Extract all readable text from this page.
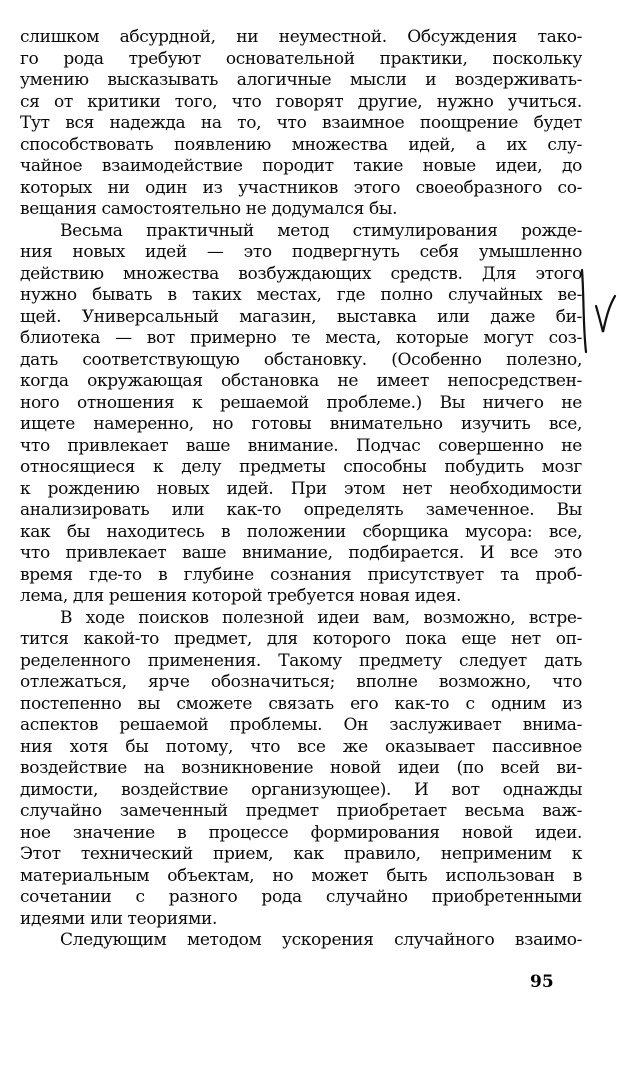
слишком абсурдной, ни неуместной. Обсуждения тако-
го рода требуют основательной практики, поскольку
умению высказывать алогичные мысли и воздерживать-
ся от критики того, что говорят другие, нужно учиться.
Тут вся надежда на то, что взаимное поощрение будет
способствовать появлению множества идей, а их слу-
чайное взаимодействие породит такие новые идеи, до
которых ни один из участников этого своеобразного со-
вещания самостоятельно не додумался бы.
Весьма практичный метод стимулирования рожде-
ния новых идей — это подвергнуть себя умышленно
действию множества возбуждающих средств. Для этого
нужно бывать в таких местах, где полно случайных ве-
щей. Универсальный магазин, выставка или даже би-
блиотека — вот примерно те места, которые могут соз-
дать соответствующую обстановку. (Особенно полезно,
когда окружающая обстановка не имеет непосредствен-
ного отношения к решаемой проблеме.) Вы ничего не
ищете намеренно, но готовы внимательно изучить все,
что привлекает ваше внимание. Подчас совершенно не
относящиеся к делу предметы способны побудить мозг
к рождению новых идей. При этом нет необходимости
анализировать или как-то определять замеченное. Вы
как бы находитесь в положении сборщика мусора: все,
что привлекает ваше внимание, подбирается. И все это
время где-то в глубине сознания присутствует та проб-
лема, для решения которой требуется новая идея.
В ходе поисков полезной идеи вам, возможно, встре-
тится какой-то предмет, для которого пока еще нет оп-
ределенного применения. Такому предмету следует дать
отлежаться, ярче обозначиться; вполне возможно, что
постепенно вы сможете связать его как-то с одним из
аспектов решаемой проблемы. Он заслуживает внима-
ния хотя бы потому, что все же оказывает пассивное
воздействие на возникновение новой идеи (по всей ви-
димости, воздействие организующее). И вот однажды
случайно замеченный предмет приобретает весьма важ-
ное значение в процессе формирования новой идеи.
Этот технический прием, как правило, неприменим к
материальным объектам, но может быть использован в
сочетании с разного рода случайно приобретенными
идеями или теориями.
Следующим методом ускорения случайного взаимо-
95
